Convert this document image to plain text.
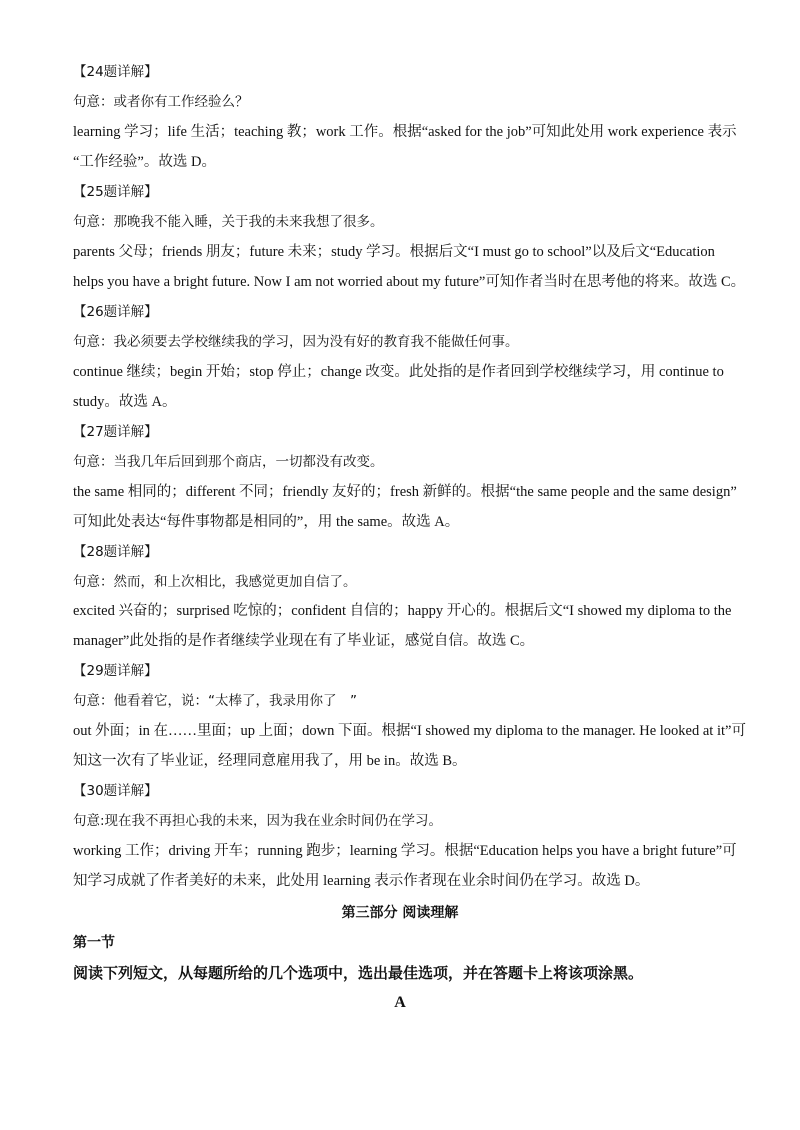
【24题详解】
句意：或者你有工作经验么？
learning 学习；life 生活；teaching 教；work 工作。根据“asked for the job”可知此处用 work experience 表示
“工作经验”。故选 D。
【25题详解】
句意：那晚我不能入睡，关于我的未来我想了很多。
parents 父母；friends 朋友；future 未来；study 学习。根据后文“I must go to school”以及后文“Education
helps you have a bright future. Now I am not worried about my future”可知作者当时在思考他的将来。故选 C。
【26题详解】
句意：我必须要去学校继续我的学习，因为没有好的教育我不能做任何事。
continue 继续；begin 开始；stop 停止；change 改变。此处指的是作者回到学校继续学习，用 continue to
study。故选 A。
【27题详解】
句意：当我几年后回到那个商店，一切都没有改变。
the same 相同的；different 不同；friendly 友好的；fresh 新鲜的。根据“the same people and the same design”
可知此处表达“每件事物都是相同的”，用 the same。故选 A。
【28题详解】
句意：然而，和上次相比，我感觉更加自信了。
excited 兴奋的；surprised 吃惊的；confident 自信的；happy 开心的。根据后文“I showed my diploma to the
manager”此处指的是作者继续学业现在有了毕业证，感觉自信。故选 C。
【29题详解】
句意：他看着它，说：“太棒了，我录用你了　”
out 外面；in 在……里面；up 上面；down 下面。根据“I showed my diploma to the manager. He looked at it”可
知这一次有了毕业证，经理同意雇用我了，用 be in。故选 B。
【30题详解】
句意:现在我不再担心我的未来，因为我在业余时间仍在学习。
working 工作；driving 开车；running 跑步；learning 学习。根据“Education helps you have a bright future”可
知学习成就了作者美好的未来，此处用 learning 表示作者现在业余时间仍在学习。故选 D。
第三部分 阅读理解
第一节
阅读下列短文，从每题所给的几个选项中，选出最佳选项，并在答题卡上将该项涂黑。
A
